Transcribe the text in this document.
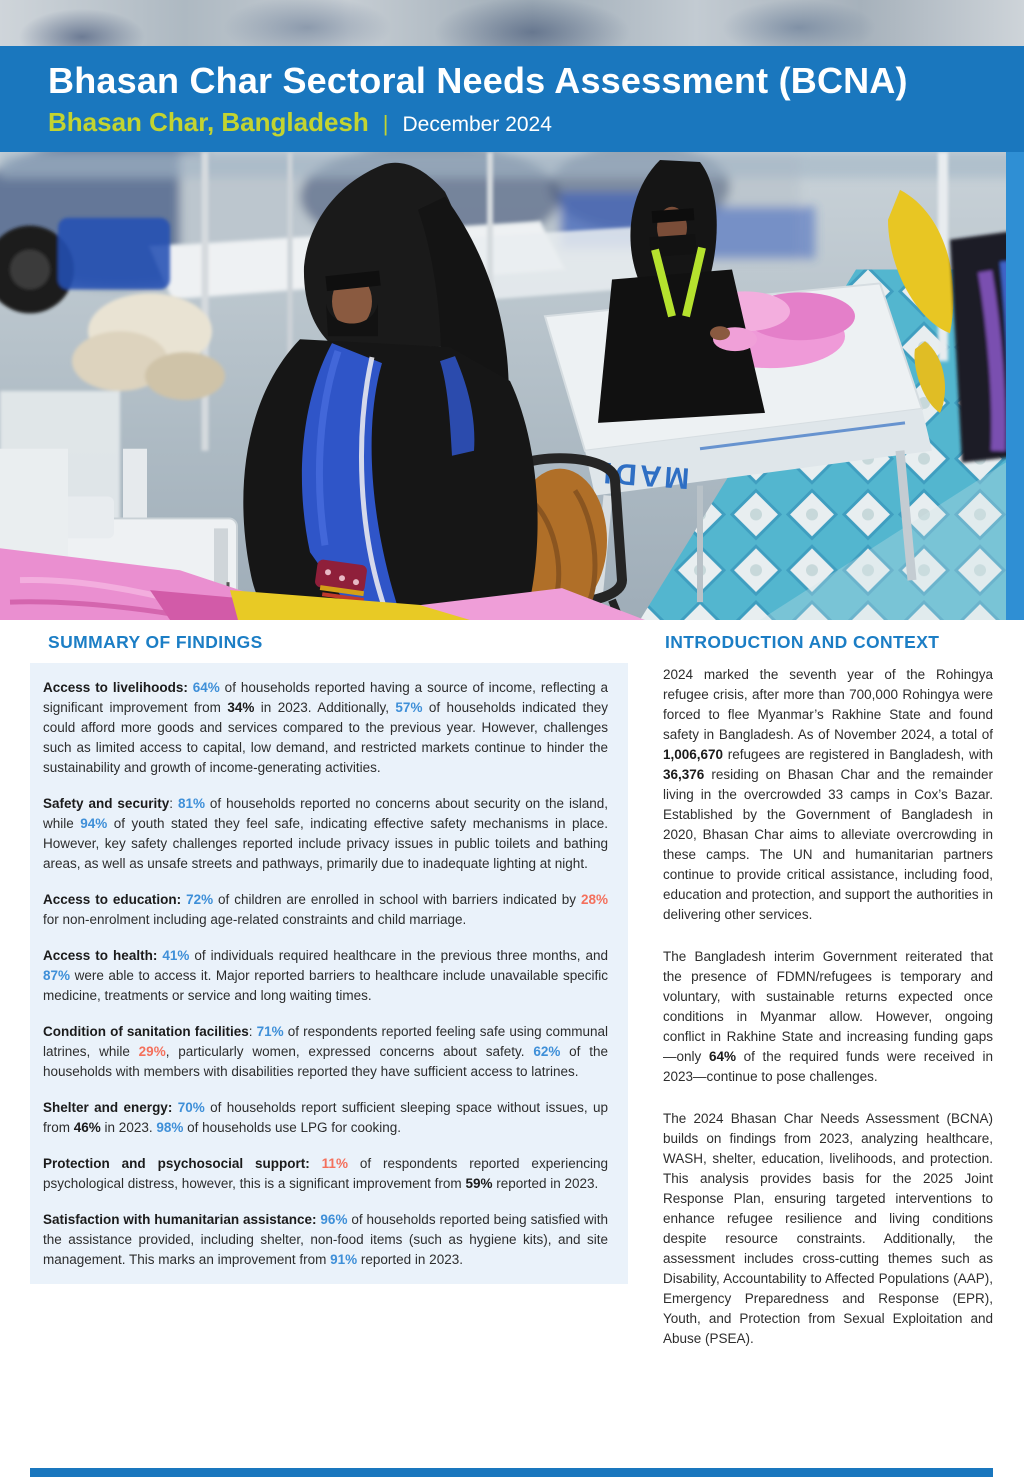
Bhasan Char Sectoral Needs Assessment (BCNA)
Bhasan Char, Bangladesh | December 2024
MADI
SUMMARY OF FINDINGS

Access to livelihoods: 64% of households reported having a source of income, reflecting a significant improvement from 34% in 2023. Additionally, 57% of households indicated they could afford more goods and services compared to the previous year. However, challenges such as limited access to capital, low demand, and restricted markets continue to hinder the sustainability and growth of income-generating activities.

Safety and security: 81% of households reported no concerns about security on the island, while 94% of youth stated they feel safe, indicating effective safety mechanisms in place. However, key safety challenges reported include privacy issues in public toilets and bathing areas, as well as unsafe streets and pathways, primarily due to inadequate lighting at night.

Access to education: 72% of children are enrolled in school with barriers indicated by 28% for non-enrolment including age-related constraints and child marriage.

Access to health: 41% of individuals required healthcare in the previous three months, and 87% were able to access it. Major reported barriers to healthcare include unavailable specific medicine, treatments or service and long waiting times.

Condition of sanitation facilities: 71% of respondents reported feeling safe using communal latrines, while 29%, particularly women, expressed concerns about safety. 62% of the households with members with disabilities reported they have sufficient access to latrines.

Shelter and energy: 70% of households report sufficient sleeping space without issues, up from 46% in 2023. 98% of households use LPG for cooking.

Protection and psychosocial support: 11% of respondents reported experiencing psychological distress, however, this is a significant improvement from 59% reported in 2023.

Satisfaction with humanitarian assistance: 96% of households reported being satisfied with the assistance provided, including shelter, non-food items (such as hygiene kits), and site management. This marks an improvement from 91% reported in 2023.

INTRODUCTION AND CONTEXT

2024 marked the seventh year of the Rohingya refugee crisis, after more than 700,000 Rohingya were forced to flee Myanmar’s Rakhine State and found safety in Bangladesh. As of November 2024, a total of 1,006,670 refugees are registered in Bangladesh, with 36,376 residing on Bhasan Char and the remainder living in the overcrowded 33 camps in Cox’s Bazar. Established by the Government of Bangladesh in 2020, Bhasan Char aims to alleviate overcrowding in these camps. The UN and humanitarian partners continue to provide critical assistance, including food, education and protection, and support the authorities in delivering other services.

The Bangladesh interim Government reiterated that the presence of FDMN/refugees is temporary and voluntary, with sustainable returns expected once conditions in Myanmar allow. However, ongoing conflict in Rakhine State and increasing funding gaps—only 64% of the required funds were received in 2023—continue to pose challenges.

The 2024 Bhasan Char Needs Assessment (BCNA) builds on findings from 2023, analyzing healthcare, WASH, shelter, education, livelihoods, and protection. This analysis provides basis for the 2025 Joint Response Plan, ensuring targeted interventions to enhance refugee resilience and living conditions despite resource constraints. Additionally, the assessment includes cross-cutting themes such as Disability, Accountability to Affected Populations (AAP), Emergency Preparedness and Response (EPR), Youth, and Protection from Sexual Exploitation and Abuse (PSEA).
